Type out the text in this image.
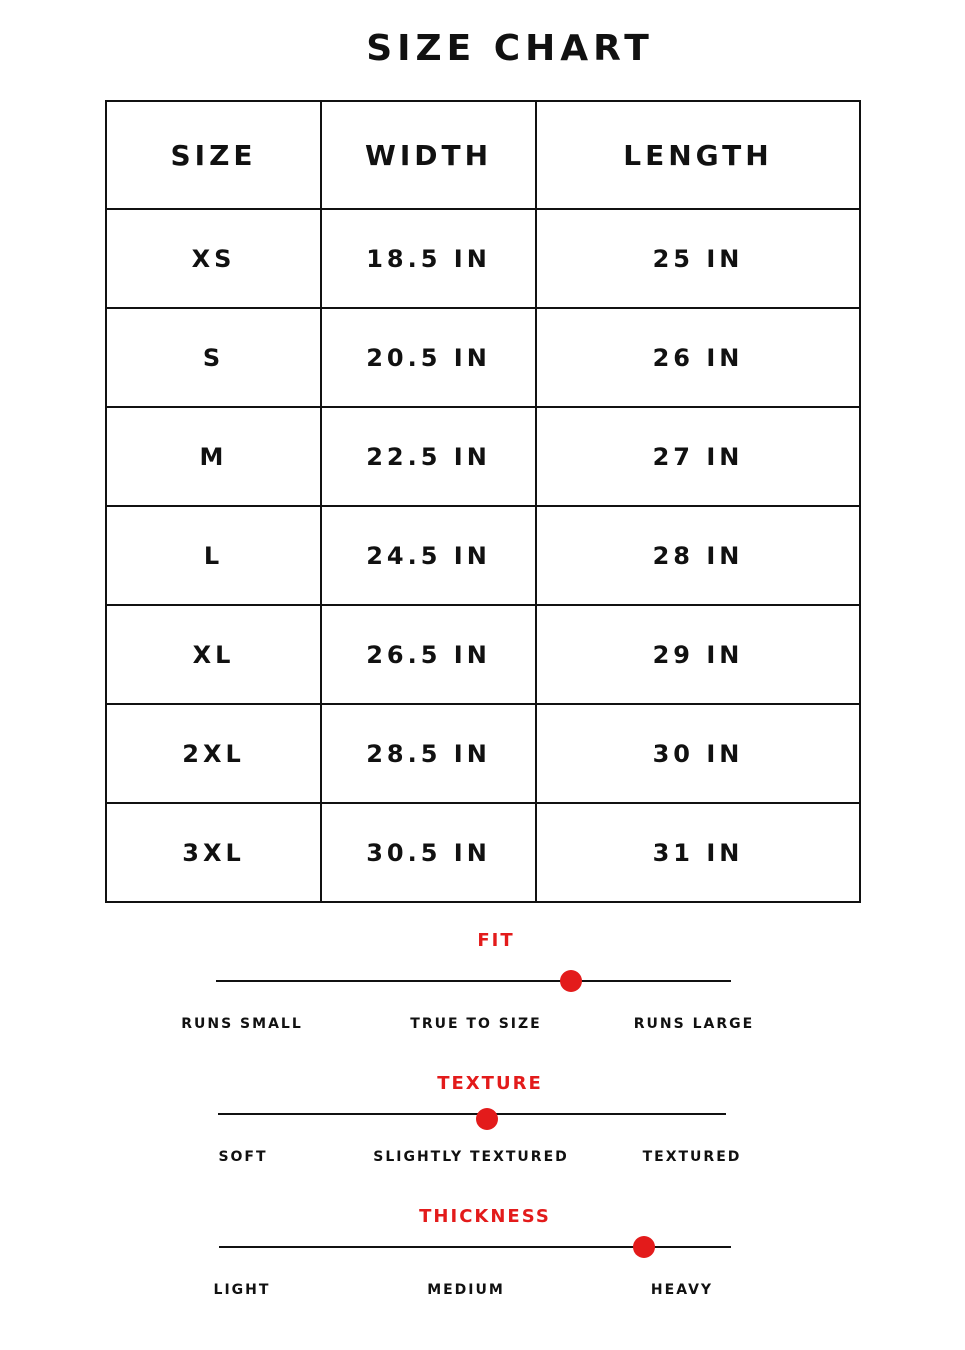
SIZE CHART
SIZE	WIDTH	LENGTH
XS	18.5 IN	25 IN
S	20.5 IN	26 IN
M	22.5 IN	27 IN
L	24.5 IN	28 IN
XL	26.5 IN	29 IN
2XL	28.5 IN	30 IN
3XL	30.5 IN	31 IN
FIT
RUNS SMALL	TRUE TO SIZE	RUNS LARGE
TEXTURE
SOFT	SLIGHTLY TEXTURED	TEXTURED
THICKNESS
LIGHT	MEDIUM	HEAVY
